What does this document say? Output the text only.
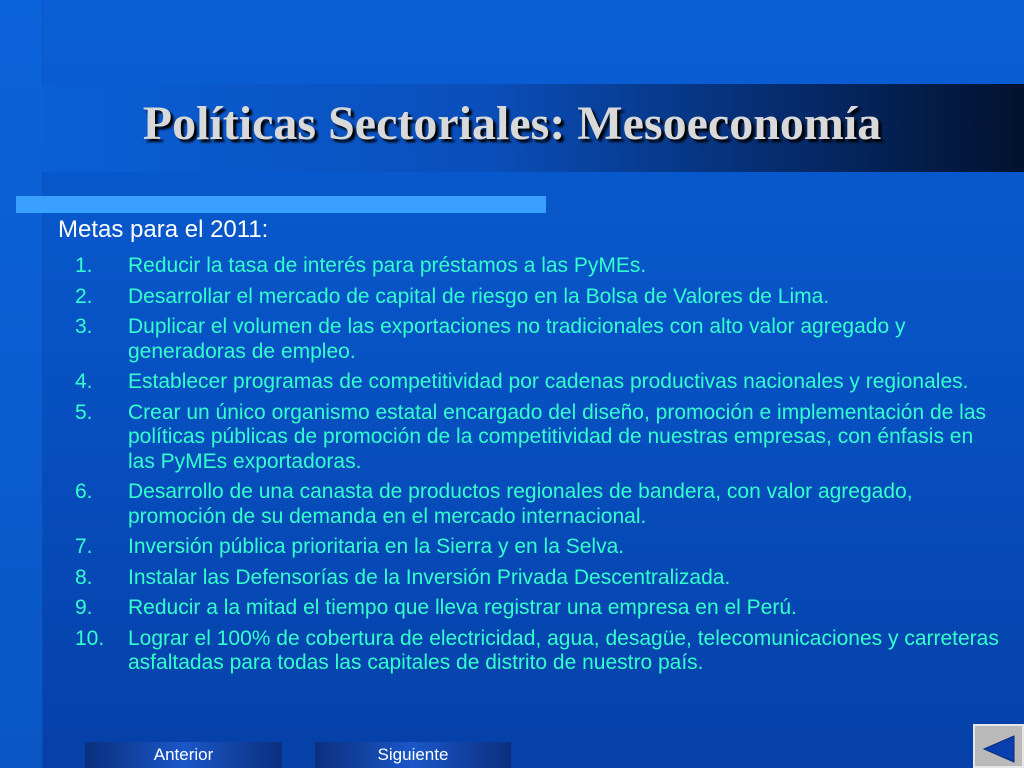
Políticas Sectoriales: Mesoeconomía

Metas para el 2011:

1.	Reducir la tasa de interés para préstamos a las PyMEs.
2.	Desarrollar el mercado de capital de riesgo en la Bolsa de Valores de Lima.
3.	Duplicar el volumen de las exportaciones no tradicionales con alto valor agregado y generadoras de empleo.
4.	Establecer programas de competitividad por cadenas productivas nacionales y regionales.
5.	Crear un único organismo estatal encargado del diseño, promoción e implementación de las políticas públicas de promoción de la competitividad de nuestras empresas, con énfasis en las PyMEs exportadoras.
6.	Desarrollo de una canasta de productos regionales de bandera, con valor agregado, promoción de su demanda en el mercado internacional.
7.	Inversión pública prioritaria en la Sierra y en la Selva.
8.	Instalar las Defensorías de la Inversión Privada Descentralizada.
9.	Reducir a la mitad el tiempo que lleva registrar una empresa en el Perú.
10.	Lograr el 100% de cobertura de electricidad, agua, desagüe, telecomunicaciones y carreteras asfaltadas para todas las capitales de distrito de nuestro país.
Anterior	Siguiente
